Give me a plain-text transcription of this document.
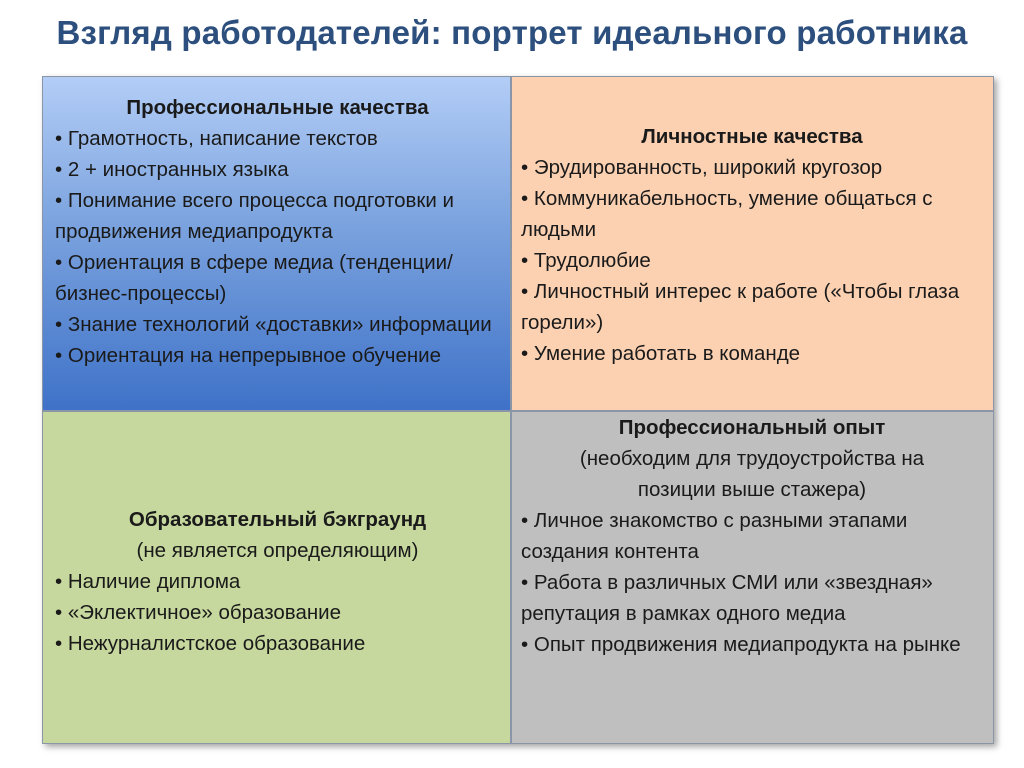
Взгляд работодателей: портрет идеального работника
Профессиональные качества
• Грамотность, написание текстов
• 2 + иностранных языка
• Понимание всего процесса подготовки и продвижения медиапродукта
• Ориентация в сфере медиа (тенденции/бизнес-процессы)
• Знание технологий «доставки» информации
• Ориентация на непрерывное обучение
Личностные качества
• Эрудированность, широкий кругозор
• Коммуникабельность, умение общаться с людьми
• Трудолюбие
• Личностный интерес к работе («Чтобы глаза горели»)
• Умение работать в команде
Образовательный бэкграунд
(не является определяющим)
• Наличие диплома
• «Эклектичное» образование
• Нежурналистское образование
Профессиональный опыт
(необходим для трудоустройства на позиции выше стажера)
• Личное знакомство с разными этапами создания контента
• Работа в различных СМИ или «звездная» репутация в рамках одного медиа
• Опыт продвижения медиапродукта на рынке
